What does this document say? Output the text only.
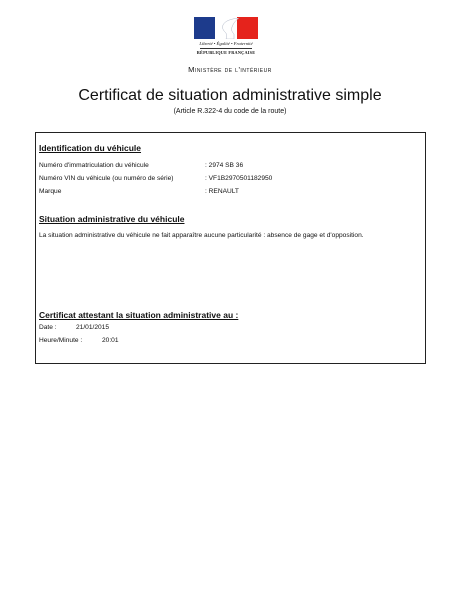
Liberté • Égalité • Fraternité
RÉPUBLIQUE FRANÇAISE
Ministère de l'intérieur
Certificat de situation administrative simple
(Article R.322-4 du code de la route)
Identification du véhicule
Numéro d'immatriculation du véhicule	: 2974 SB 36
Numéro VIN du véhicule (ou numéro de série)	: VF1B2970501182950
Marque	: RENAULT
Situation administrative du véhicule
La situation administrative du véhicule ne fait apparaître aucune particularité : absence de gage et d'opposition.
Certificat attestant la situation administrative au :
Date :	21/01/2015
Heure/Minute :	20:01
